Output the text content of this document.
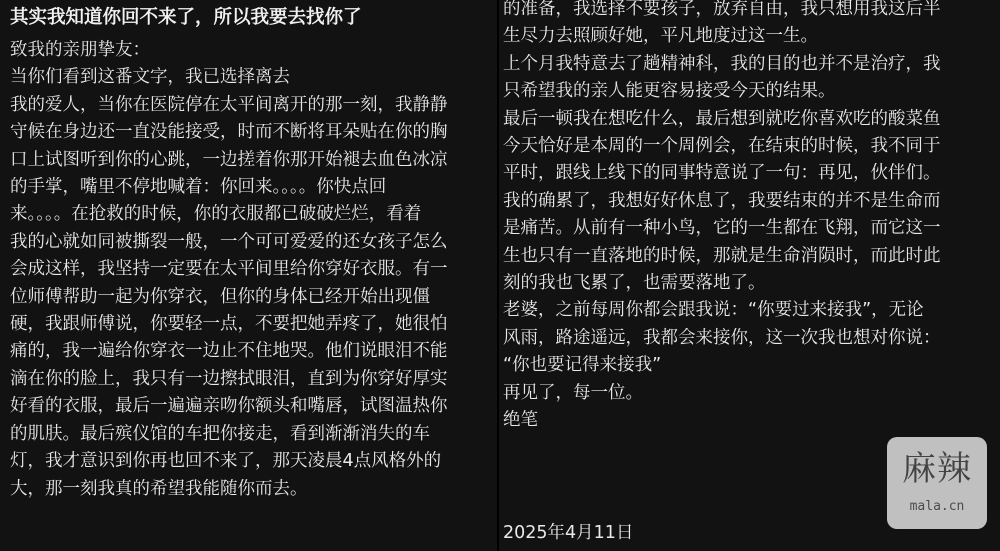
其实我知道你回不来了，所以我要去找你了

致我的亲朋挚友：

当你们看到这番文字，我已选择离去

我的爱人，当你在医院停在太平间离开的那一刻，我静静
守候在身边还一直没能接受，时而不断将耳朵贴在你的胸
口上试图听到你的心跳，一边搓着你那开始褪去血色冰凉
的手掌，嘴里不停地喊着：你回来。。。。你快点回
来。。。。在抢救的时候，你的衣服都已破破烂烂，看着
我的心就如同被撕裂一般，一个可可爱爱的还女孩子怎么
会成这样，我坚持一定要在太平间里给你穿好衣服。有一
位师傅帮助一起为你穿衣，但你的身体已经开始出现僵
硬，我跟师傅说，你要轻一点，不要把她弄疼了，她很怕
痛的，我一遍给你穿衣一边止不住地哭。他们说眼泪不能
滴在你的脸上，我只有一边擦拭眼泪，直到为你穿好厚实
好看的衣服，最后一遍遍亲吻你额头和嘴唇，试图温热你
的肌肤。最后殡仪馆的车把你接走，看到渐渐消失的车
灯，我才意识到你再也回不来了，那天凌晨4点风格外的
大，那一刻我真的希望我能随你而去。

的准备，我选择不要孩子，放弃自由，我只想用我这后半
生尽力去照顾好她，平凡地度过这一生。

上个月我特意去了趟精神科，我的目的也并不是治疗，我
只希望我的亲人能更容易接受今天的结果。

最后一顿我在想吃什么，最后想到就吃你喜欢吃的酸菜鱼
今天恰好是本周的一个周例会，在结束的时候，我不同于
平时，跟线上线下的同事特意说了一句：再见，伙伴们。

我的确累了，我想好好休息了，我要结束的并不是生命而
是痛苦。从前有一种小鸟，它的一生都在飞翔，而它这一
生也只有一直落地的时候，那就是生命消陨时，而此时此
刻的我也飞累了，也需要落地了。

老婆，之前每周你都会跟我说：“你要过来接我”，无论
风雨，路途遥远，我都会来接你，这一次我也想对你说：
“你也要记得来接我”

再见了，每一位。

绝笔

2025年4月11日

麻辣
mala.cn
